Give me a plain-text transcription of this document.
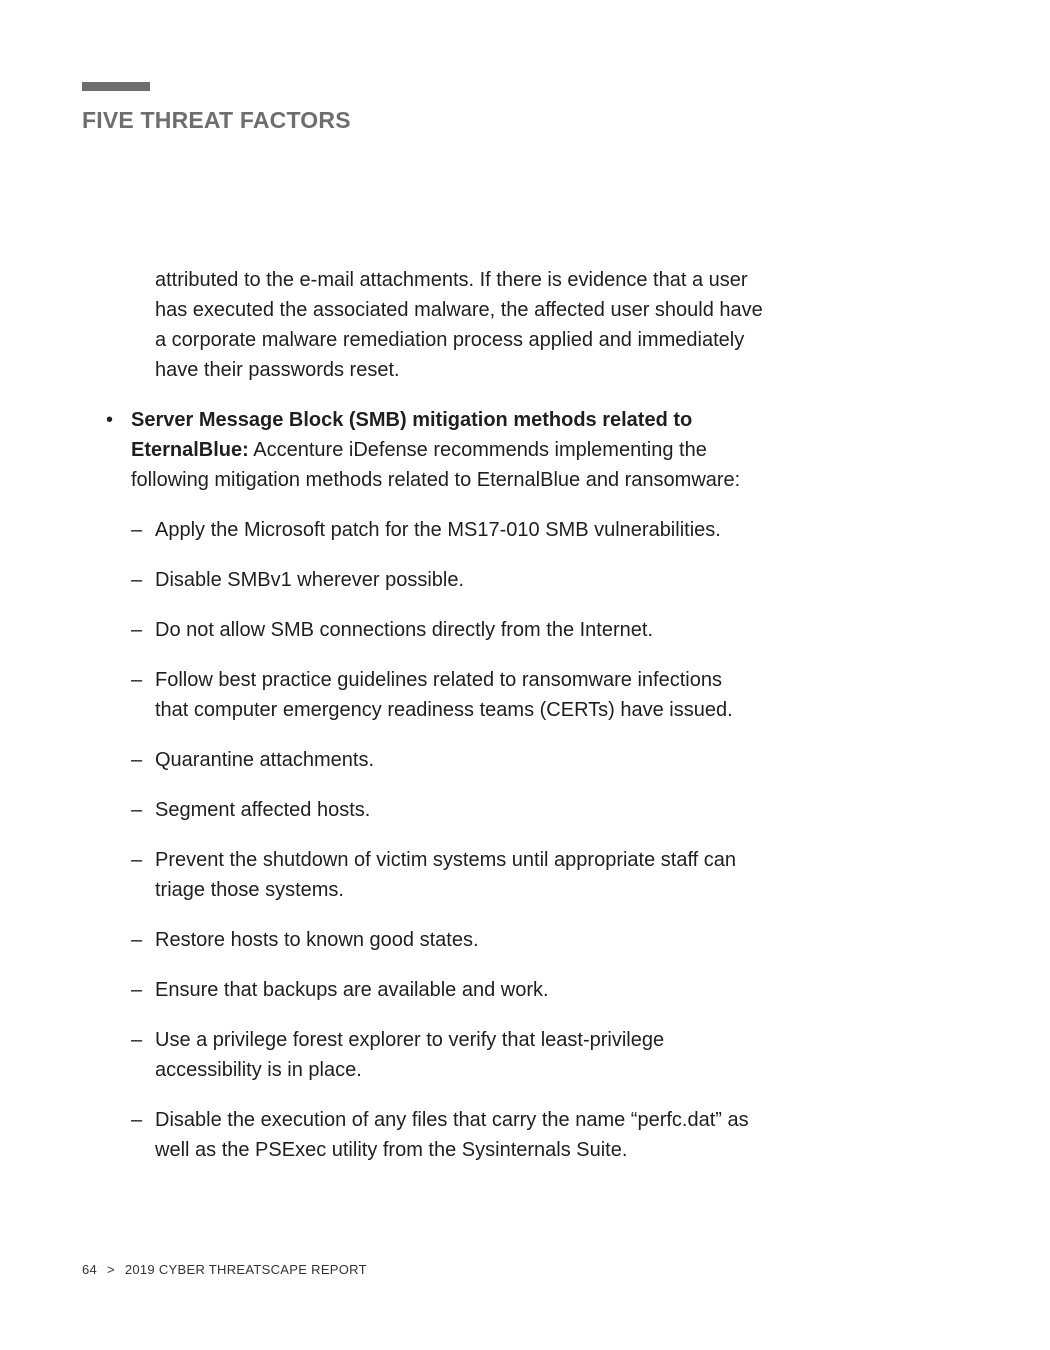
FIVE THREAT FACTORS
attributed to the e-mail attachments. If there is evidence that a user
has executed the associated malware, the affected user should have
a corporate malware remediation process applied and immediately
have their passwords reset.
• Server Message Block (SMB) mitigation methods related to
EternalBlue: Accenture iDefense recommends implementing the
following mitigation methods related to EternalBlue and ransomware:
– Apply the Microsoft patch for the MS17-010 SMB vulnerabilities.
– Disable SMBv1 wherever possible.
– Do not allow SMB connections directly from the Internet.
– Follow best practice guidelines related to ransomware infections
that computer emergency readiness teams (CERTs) have issued.
– Quarantine attachments.
– Segment affected hosts.
– Prevent the shutdown of victim systems until appropriate staff can
triage those systems.
– Restore hosts to known good states.
– Ensure that backups are available and work.
– Use a privilege forest explorer to verify that least-privilege
accessibility is in place.
– Disable the execution of any files that carry the name “perfc.dat” as
well as the PSExec utility from the Sysinternals Suite.
64 > 2019 CYBER THREATSCAPE REPORT
